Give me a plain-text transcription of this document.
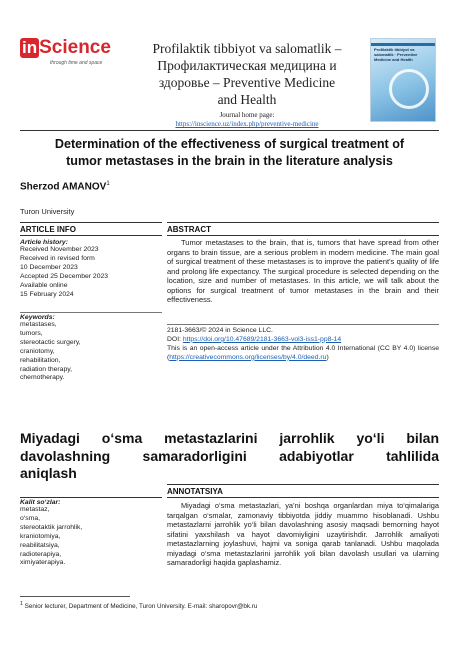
in Science
through time and space
Profilaktik tibbiyot va salomatlik –
Профилактическая медицина и
здоровье – Preventive Medicine
and Health
Journal home page:
https://inscience.uz/index.php/preventive-medicine
Profilaktik tibbiyot va salomatlik · Preventive Medicine and Health
Determination of the effectiveness of surgical treatment of
tumor metastases in the brain in the literature analysis
Sherzod AMANOV$^1$
Turon University
ARTICLE INFO	ABSTRACT
Article history:
Received November 2023
Received in revised form
10 December 2023
Accepted 25 December 2023
Available online
15 February 2024
Keywords:
metastases,
tumors,
stereotactic surgery,
craniotomy,
rehabilitation,
radiation therapy,
chemotherapy.
Tumor metastases to the brain, that is, tumors that have spread from other organs to brain tissue, are a serious problem in modern medicine. The main goal of surgical treatment of these metastases is to improve the patient's quality of life and prolong life expectancy. The surgical procedure is selected depending on the location, size and number of metastases. In this article, we will talk about the options for surgical treatment of tumor metastases in the brain and their effectiveness.
2181-3663/© 2024 in Science LLC.
DOI: https://doi.org/10.47689/2181-3663-vol3-iss1-pp8-14
This is an open-access article under the Attribution 4.0 International (CC BY 4.0) license (https://creativecommons.org/licenses/by/4.0/deed.ru)
Miyadagi o‘sma metastazlarini jarrohlik yo‘li bilan
davolashning samaradorligini adabiyotlar tahlilida
aniqlash
ANNOTATSIYA
Kalit so‘zlar:
metastaz,
o‘sma,
stereotaktik jarrohlik,
kraniotomiya,
reabilitatsiya,
radioterapiya,
ximiyaterapiya.
Miyadagi o‘sma metastazlari, ya’ni boshqa organlardan miya to‘qimalariga tarqalgan o‘smalar, zamonaviy tibbiyotda jiddiy muammo hisoblanadi. Ushbu metastazlarni jarrohlik yo‘li bilan davolashning asosiy maqsadi bemorning hayot sifatini yaxshilash va hayot davomiyligini uzaytirishdir. Jarrohlik amaliyoti metastazlarning joylashuvi, hajmi va soniga qarab tanlanadi. Ushbu maqolada miyadagi o‘sma metastazlarini jarrohlik yoli bilan davolash usullari va ularning samaradorligi haqida gaplashamiz.
$^1$ Senior lecturer, Department of Medicine, Turon University. E-mail: sharopovr@bk.ru
